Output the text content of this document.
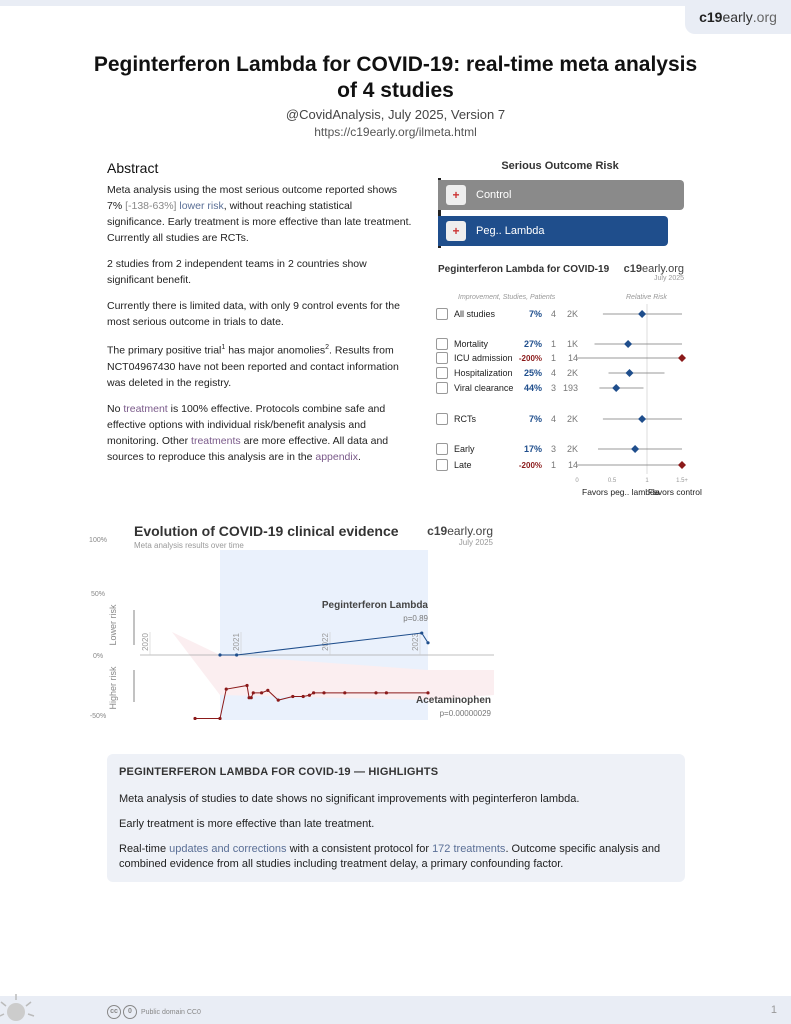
c19 early .org
Peginterferon Lambda for COVID-19: real-time meta analysis of 4 studies
@CovidAnalysis, July 2025, Version 7
https://c19early.org/ilmeta.html
Abstract

Meta analysis using the most serious outcome reported shows 7% [-138-63%] lower risk, without reaching statistical significance. Early treatment is more effective than late treatment. Currently all studies are RCTs.

2 studies from 2 independent teams in 2 countries show significant benefit.

Currently there is limited data, with only 9 control events for the most serious outcome in trials to date.

The primary positive trial$^1$ has major anomolies$^2$. Results from NCT04967430 have not been reported and contact information was deleted in the registry.

No treatment is 100% effective. Protocols combine safe and effective options with individual risk/benefit analysis and monitoring. Other treatments are more effective. All data and sources to reproduce this analysis are in the appendix.

Serious Outcome Risk
+	Control
+	Peg.. Lambda
Peginterferon Lambda for COVID-19 c19early.org
July 2025
Improvement, Studies, Patients	Relative Risk
All studies	7% 4	2K
Mortality	27% 1	1K
ICU admission -200% 1	14
Hospitalization	25% 4	2K
Viral clearance	44% 3 193
RCTs	7% 4	2K
Early	17% 3	2K
Late	-200% 1	14
0	0.5	1	1.5+
Favors peg.. lambda
Favors control
Evolution of COVID-19 clinical evidence
Meta analysis results over time
c19early.org
July 2025
100%
50%
0%
-50%
Lower risk
Higher risk
2020	2021	2022	2023
Peginterferon Lambda
p=0.89
Acetaminophen
p=0.00000029
PEGINTERFERON LAMBDA FOR COVID-19 — HIGHLIGHTS

Meta analysis of studies to date shows no significant improvements with peginterferon lambda.

Early treatment is more effective than late treatment.

Real-time updates and corrections with a consistent protocol for 172 treatments. Outcome specific analysis and combined evidence from all studies including treatment delay, a primary confounding factor.

cc	0
	Public domain CC0	1
